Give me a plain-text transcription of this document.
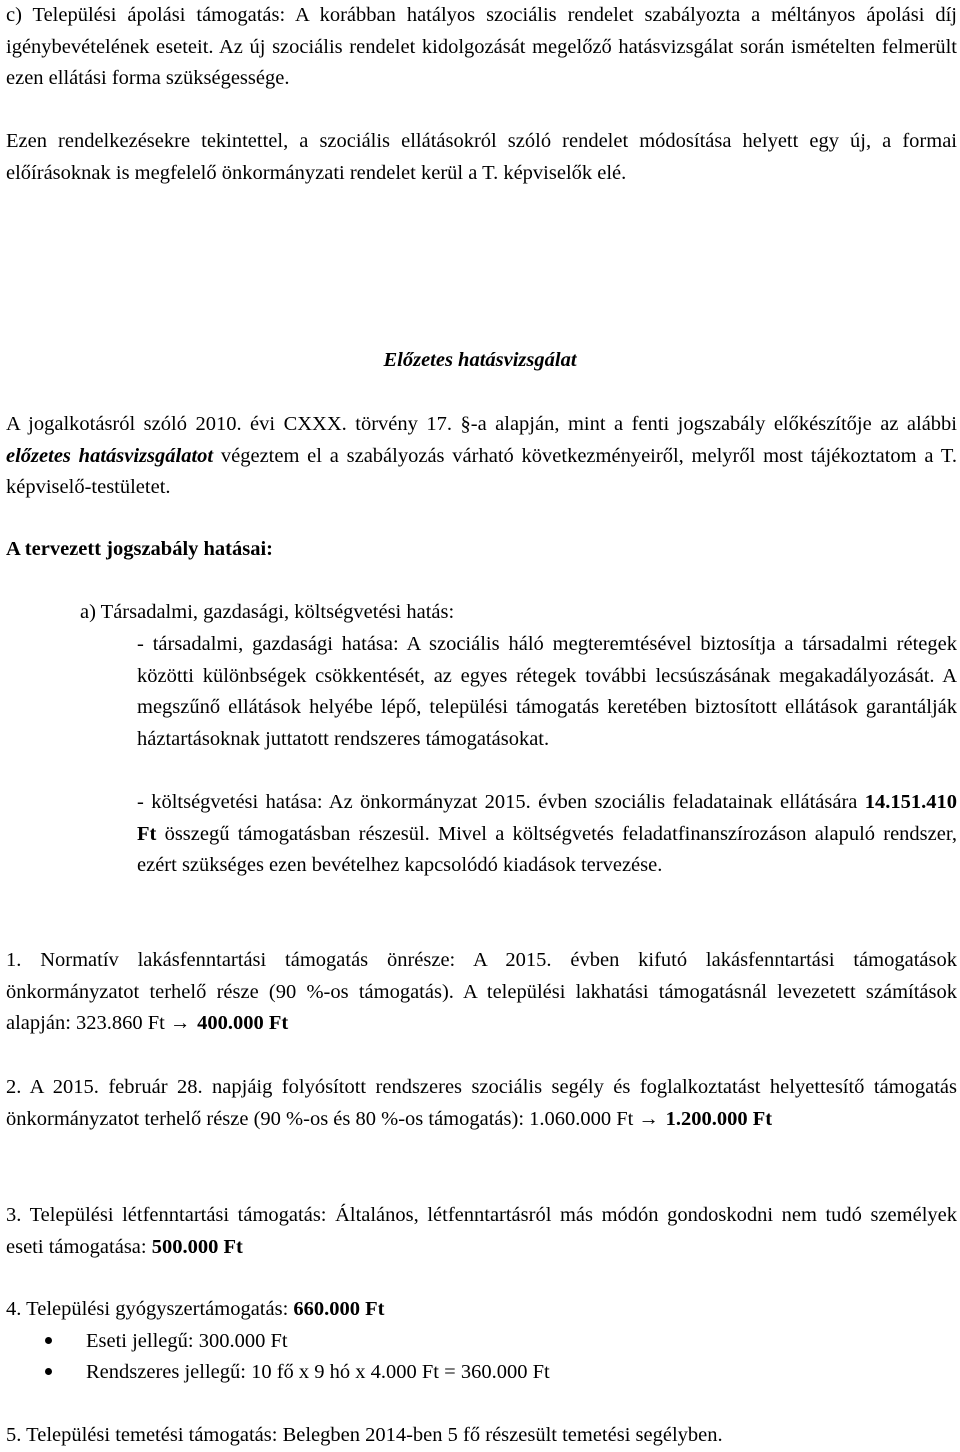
c) Települési ápolási támogatás: A korábban hatályos szociális rendelet szabályozta a méltányos ápolási díj igénybevételének eseteit. Az új szociális rendelet kidolgozását megelőző hatásvizsgálat során ismételten felmerült ezen ellátási forma szükségessége.
Ezen rendelkezésekre tekintettel, a szociális ellátásokról szóló rendelet módosítása helyett egy új, a formai előírásoknak is megfelelő önkormányzati rendelet kerül a T. képviselők elé.
Előzetes hatásvizsgálat
A jogalkotásról szóló 2010. évi CXXX. törvény 17. §-a alapján, mint a fenti jogszabály előkészítője az alábbi előzetes hatásvizsgálatot végeztem el a szabályozás várható következményeiről, melyről most tájékoztatom a T. képviselő-testületet.
A tervezett jogszabály hatásai:
a) Társadalmi, gazdasági, költségvetési hatás:
- társadalmi, gazdasági hatása: A szociális háló megteremtésével biztosítja a társadalmi rétegek közötti különbségek csökkentését, az egyes rétegek további lecsúszásának megakadályozását. A megszűnő ellátások helyébe lépő, települési támogatás keretében biztosított ellátások garantálják háztartásoknak juttatott rendszeres támogatásokat.
- költségvetési hatása: Az önkormányzat 2015. évben szociális feladatainak ellátására 14.151.410 Ft összegű támogatásban részesül. Mivel a költségvetés feladatfinanszírozáson alapuló rendszer, ezért szükséges ezen bevételhez kapcsolódó kiadások tervezése.
1. Normatív lakásfenntartási támogatás önrésze: A 2015. évben kifutó lakásfenntartási támogatások önkormányzatot terhelő része (90 %-os támogatás). A települési lakhatási támogatásnál levezetett számítások alapján: 323.860 Ft → 400.000 Ft
2. A 2015. február 28. napjáig folyósított rendszeres szociális segély és foglalkoztatást helyettesítő támogatás önkormányzatot terhelő része (90 %-os és 80 %-os támogatás): 1.060.000 Ft → 1.200.000 Ft
3. Települési létfenntartási támogatás: Általános, létfenntartásról más módón gondoskodni nem tudó személyek eseti támogatása: 500.000 Ft
4. Települési gyógyszertámogatás: 660.000 Ft
Eseti jellegű: 300.000 Ft
Rendszeres jellegű: 10 fő x 9 hó x 4.000 Ft = 360.000 Ft
5. Települési temetési támogatás: Belegben 2014-ben 5 fő részesült temetési segélyben.
